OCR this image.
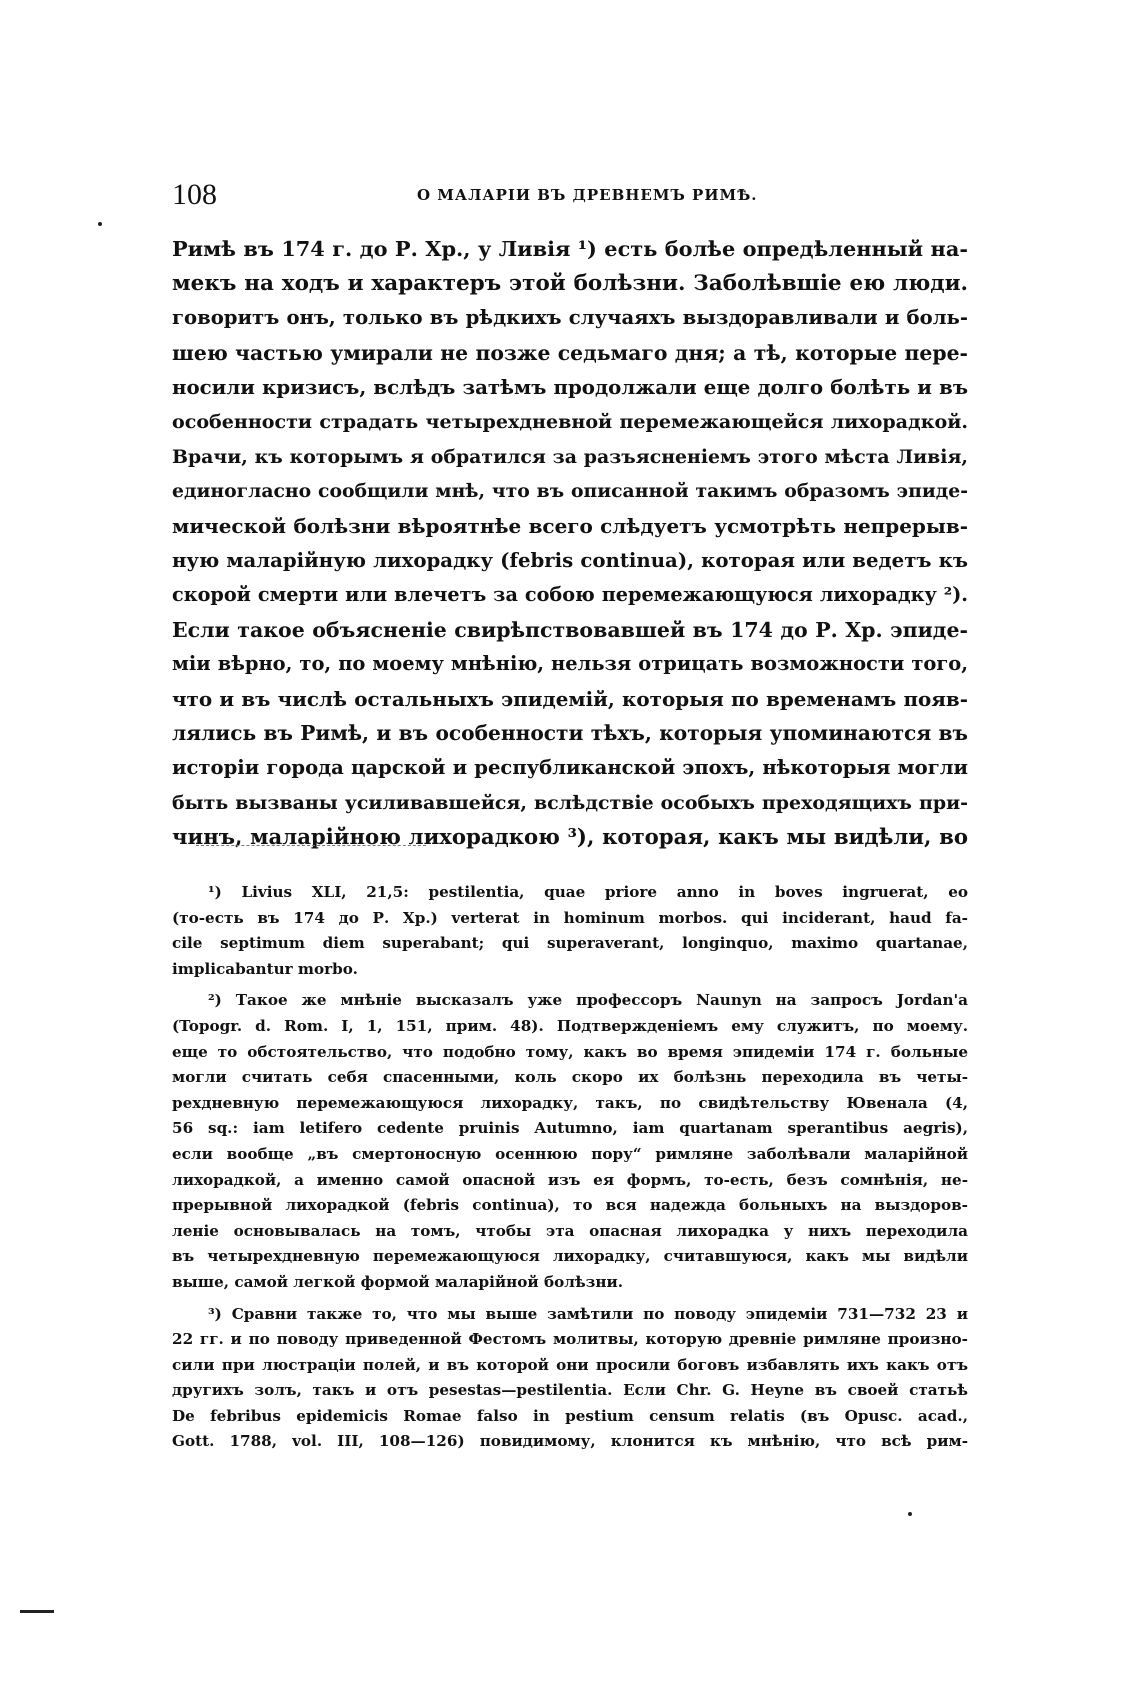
108	О МАЛАРІИ ВЪ ДРЕВНЕМЪ РИМѢ.
Римѣ въ 174 г. до Р. Хр., у Ливія ¹) есть болѣе опредѣленный на-
мекъ на ходъ и характеръ этой болѣзни. Заболѣвшіе ею люди.
говоритъ онъ, только въ рѣдкихъ случаяхъ выздоравливали и боль-
шею частью умирали не позже седьмаго дня; а тѣ, которые пере-
носили кризисъ, вслѣдъ затѣмъ продолжали еще долго болѣть и въ
особенности страдать четырехдневной перемежающейся лихорадкой.
Врачи, къ которымъ я обратился за разъясненіемъ этого мѣста Ливія,
единогласно сообщили мнѣ, что въ описанной такимъ образомъ эпиде-
мической болѣзни вѣроятнѣе всего слѣдуетъ усмотрѣть непрерыв-
ную маларійную лихорадку (febris continua), которая или ведетъ къ
скорой смерти или влечетъ за собою перемежающуюся лихорадку ²).
Если такое объясненіе свирѣпствовавшей въ 174 до Р. Хр. эпиде-
міи вѣрно, то, по моему мнѣнію, нельзя отрицать возможности того,
что и въ числѣ остальныхъ эпидемій, которыя по временамъ появ-
лялись въ Римѣ, и въ особенности тѣхъ, которыя упоминаются въ
исторіи города царской и республиканской эпохъ, нѣкоторыя могли
быть вызваны усиливавшейся, вслѣдствіе особыхъ преходящихъ при-
чинъ, маларійною лихорадкою ³), которая, какъ мы видѣли, во
¹) Livius XLI, 21,5: pestilentia, quae priore anno in boves ingruerat, eo
(то-есть въ 174 до Р. Хр.) verterat in hominum morbos. qui inciderant, haud fa-
cile septimum diem superabant; qui superaverant, longinquo, maximo quartanae,
implicabantur morbo.
²) Такое же мнѣніе высказалъ уже профессоръ Naunyn на запросъ Jordan'а
(Topogr. d. Rom. I, 1, 151, прим. 48). Подтвержденіемъ ему служитъ, по моему.
еще то обстоятельство, что подобно тому, какъ во время эпидеміи 174 г. больные
могли считать себя спасенными, коль скоро их болѣзнь переходила въ четы-
рехдневную перемежающуюся лихорадку, такъ, по свидѣтельству Ювенала (4,
56 sq.: iam letifero cedente pruinis Autumno, iam quartanam sperantibus aegris),
если вообще „въ смертоносную осеннюю пору“ римляне заболѣвали маларійной
лихорадкой, а именно самой опасной изъ ея формъ, то-есть, безъ сомнѣнія, не-
прерывной лихорадкой (febris continua), то вся надежда больныхъ на выздоров-
леніе основывалась на томъ, чтобы эта опасная лихорадка у нихъ переходила
въ четырехдневную перемежающуюся лихорадку, считавшуюся, какъ мы видѣли
выше, самой легкой формой маларійной болѣзни.
³) Сравни также то, что мы выше замѣтили по поводу эпидеміи 731—732 23 и
22 гг. и по поводу приведенной Фестомъ молитвы, которую древніе римляне произно-
сили при люстраціи полей, и въ которой они просили боговъ избавлять ихъ какъ отъ
другихъ золъ, такъ и отъ pesestas—pestilentia. Если Chr. G. Heyne въ своей статьѣ
De febribus epidemicis Romae falso in pestium censum relatis (въ Opusc. acad.,
Gott. 1788, vol. III, 108—126) повидимому, клонится къ мнѣнію, что всѣ рим-
